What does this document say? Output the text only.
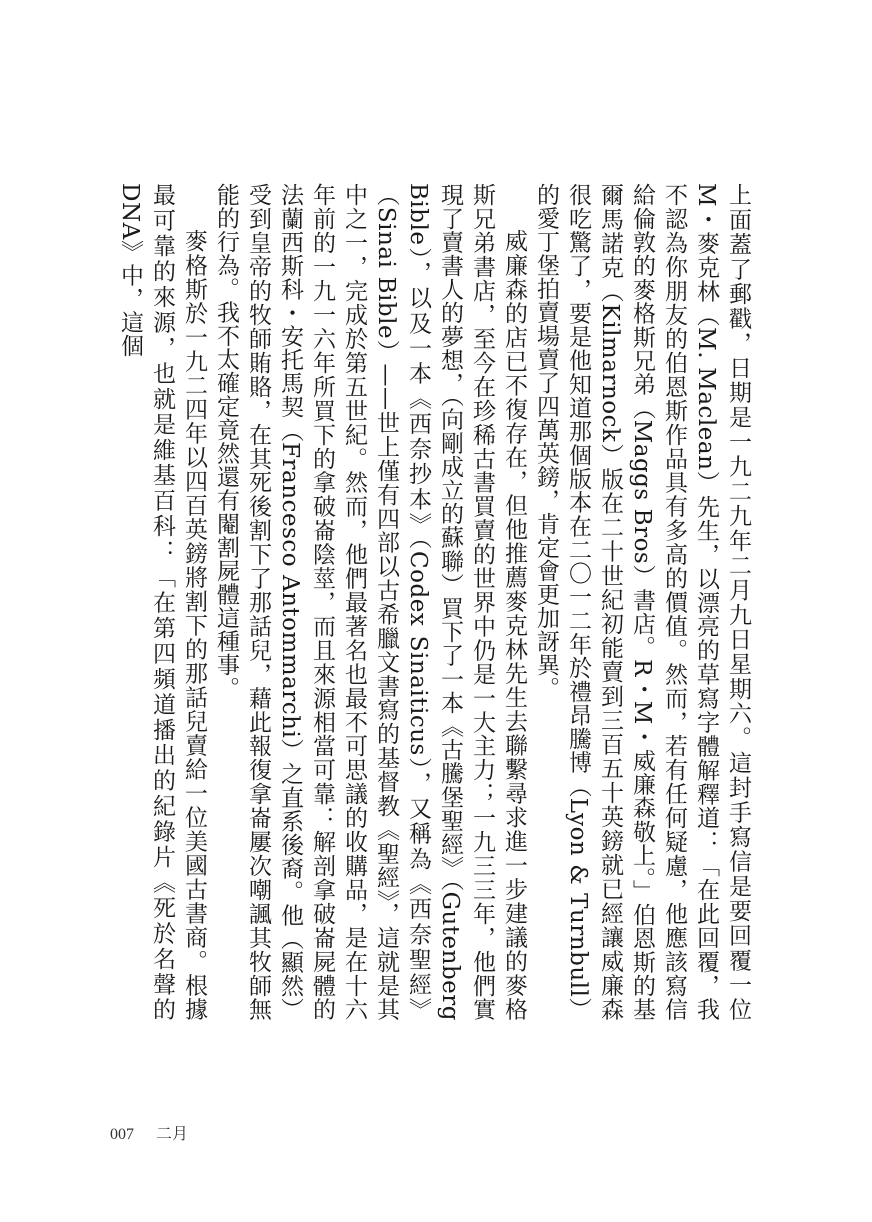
上面蓋了郵戳，日期是一九二九年二月九日星期六。這封手寫信是要回覆一位M・麥克林（M. Maclean）先生，以漂亮的草寫字體解釋道：「在此回覆，我不認為你朋友的伯恩斯作品具有多高的價值。然而，若有任何疑慮，他應該寫信給倫敦的麥格斯兄弟（Maggs Bros）書店。R・M・威廉森敬上。」伯恩斯的基爾馬諾克（Kilmarnock）版在二十世紀初能賣到三百五十英鎊就已經讓威廉森很吃驚了，要是他知道那個版本在二〇一二年於禮昂騰博（Lyon & Turnbull）的愛丁堡拍賣場賣了四萬英鎊，肯定會更加訝異。

威廉森的店已不復存在，但他推薦麥克林先生去聯繫尋求進一步建議的麥格斯兄弟書店，至今在珍稀古書買賣的世界中仍是一大主力；一九三三年，他們實現了賣書人的夢想，（向剛成立的蘇聯）買下了一本《古騰堡聖經》（Gutenberg Bible），以及一本《西奈抄本》（Codex Sinaiticus），又稱為《西奈聖經》（Sinai Bible）——世上僅有四部以古希臘文書寫的基督教《聖經》，這就是其中之一，完成於第五世紀。然而，他們最著名也最不可思議的收購品，是在十六年前的一九一六年所買下的拿破崙陰莖，而且來源相當可靠：解剖拿破崙屍體的法蘭西斯科・安托馬契（Francesco Antommarchi）之直系後裔。他（顯然）受到皇帝的牧師賄賂，在其死後割下了那話兒，藉此報復拿崙屢次嘲諷其牧師無能的行為。我不太確定竟然還有閹割屍體這種事。

麥格斯於一九二四年以四百英鎊將割下的那話兒賣給一位美國古書商。根據最可靠的來源，也就是維基百科：「在第四頻道播出的紀錄片《死於名聲的DNA》中，這個

007 二月
